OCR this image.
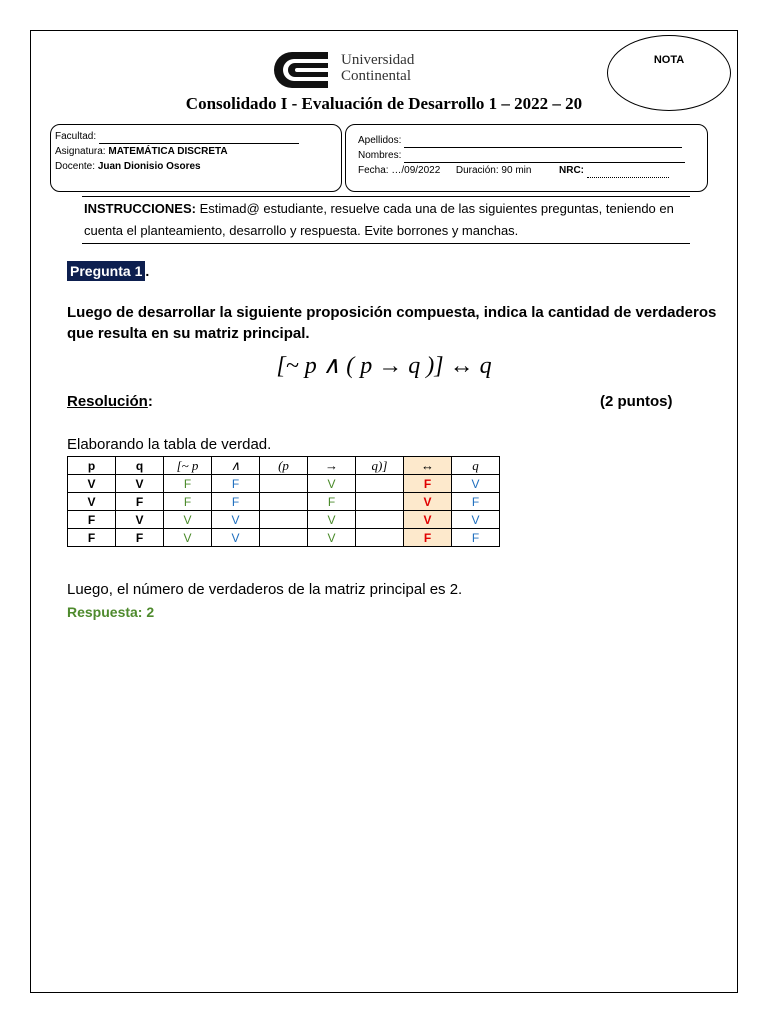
Universidad
Continental
NOTA
Consolidado I - Evaluación de Desarrollo 1 – 2022 – 20
Facultad:
Asignatura: MATEMÁTICA DISCRETA
Docente: Juan Dionisio Osores
Apellidos:
Nombres:
Fecha: …/09/2022 Duración: 90 min	NRC:
INSTRUCCIONES: Estimad@ estudiante, resuelve cada una de las siguientes preguntas, teniendo en cuenta el planteamiento, desarrollo y respuesta. Evite borrones y manchas.
Pregunta 1 .
Luego de desarrollar la siguiente proposición compuesta, indica la cantidad de verdaderos que resulta en su matriz principal.
[~ p ∧ ( p → q )] ↔ q
Resolución:	(2 puntos)
Elaborando la tabla de verdad.
p	q	[~ p	∧	(p	→	q)]	↔	q
V	V	F	F		V		F	V
V	F	F	F		F		V	F
F	V	V	V		V		V	V
F	F	V	V		V		F	F
Luego, el número de verdaderos de la matriz principal es 2.
Respuesta: 2
